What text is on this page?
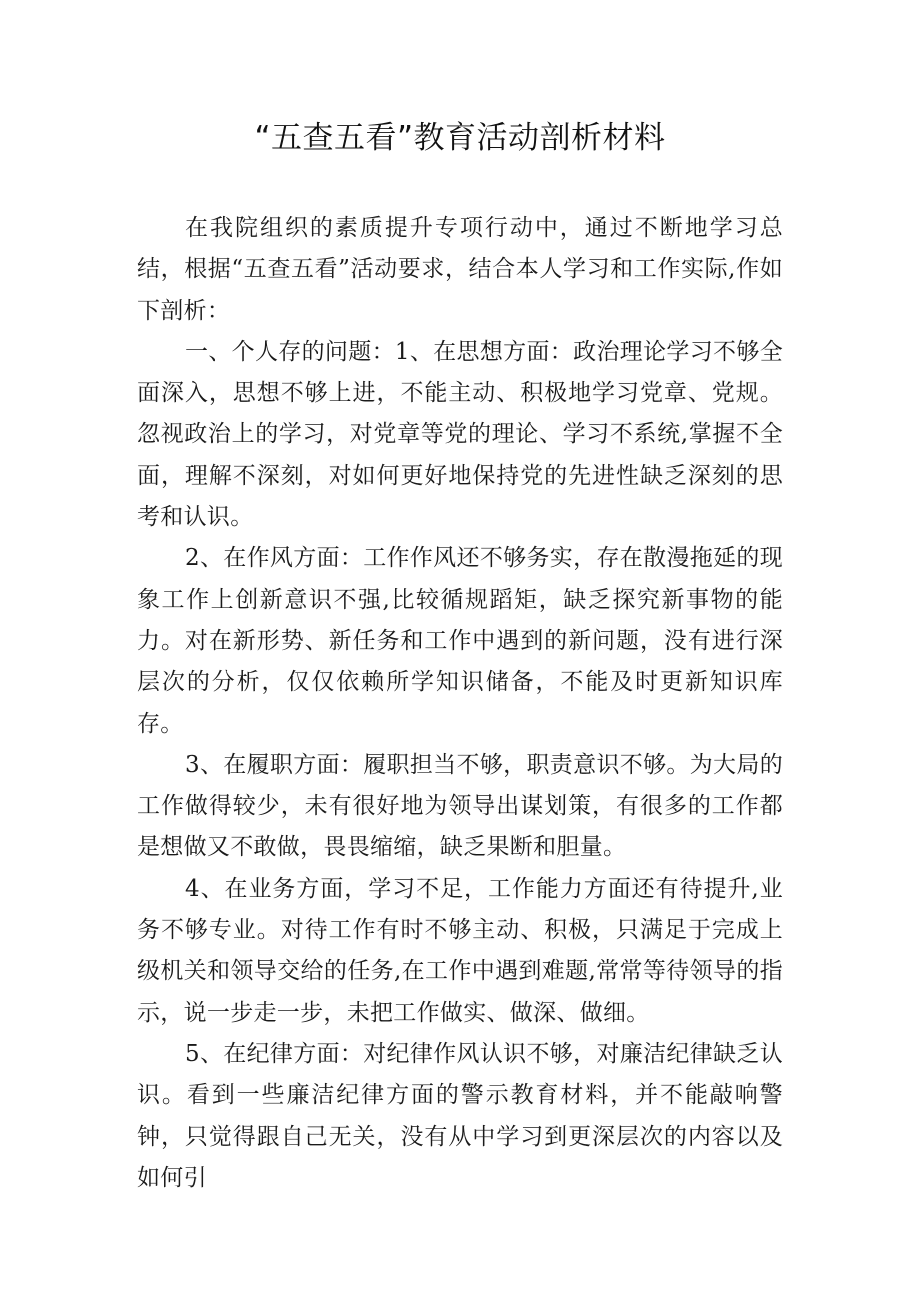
“五查五看”教育活动剖析材料

在我院组织的素质提升专项行动中，通过不断地学习总结，根据“五查五看”活动要求，结合本人学习和工作实际,作如下剖析：

一、个人存的问题：1、在思想方面：政治理论学习不够全面深入，思想不够上进，不能主动、积极地学习党章、党规。忽视政治上的学习，对党章等党的理论、学习不系统,掌握不全面，理解不深刻，对如何更好地保持党的先进性缺乏深刻的思考和认识。

2、在作风方面：工作作风还不够务实，存在散漫拖延的现象工作上创新意识不强,比较循规蹈矩，缺乏探究新事物的能力。对在新形势、新任务和工作中遇到的新问题，没有进行深层次的分析，仅仅依赖所学知识储备，不能及时更新知识库存。

3、在履职方面：履职担当不够，职责意识不够。为大局的工作做得较少，未有很好地为领导出谋划策，有很多的工作都是想做又不敢做，畏畏缩缩，缺乏果断和胆量。

4、在业务方面，学习不足，工作能力方面还有待提升,业务不够专业。对待工作有时不够主动、积极，只满足于完成上级机关和领导交给的任务,在工作中遇到难题,常常等待领导的指示，说一步走一步，未把工作做实、做深、做细。

5、在纪律方面：对纪律作风认识不够，对廉洁纪律缺乏认识。看到一些廉洁纪律方面的警示教育材料，并不能敲响警钟，只觉得跟自己无关，没有从中学习到更深层次的内容以及如何引
